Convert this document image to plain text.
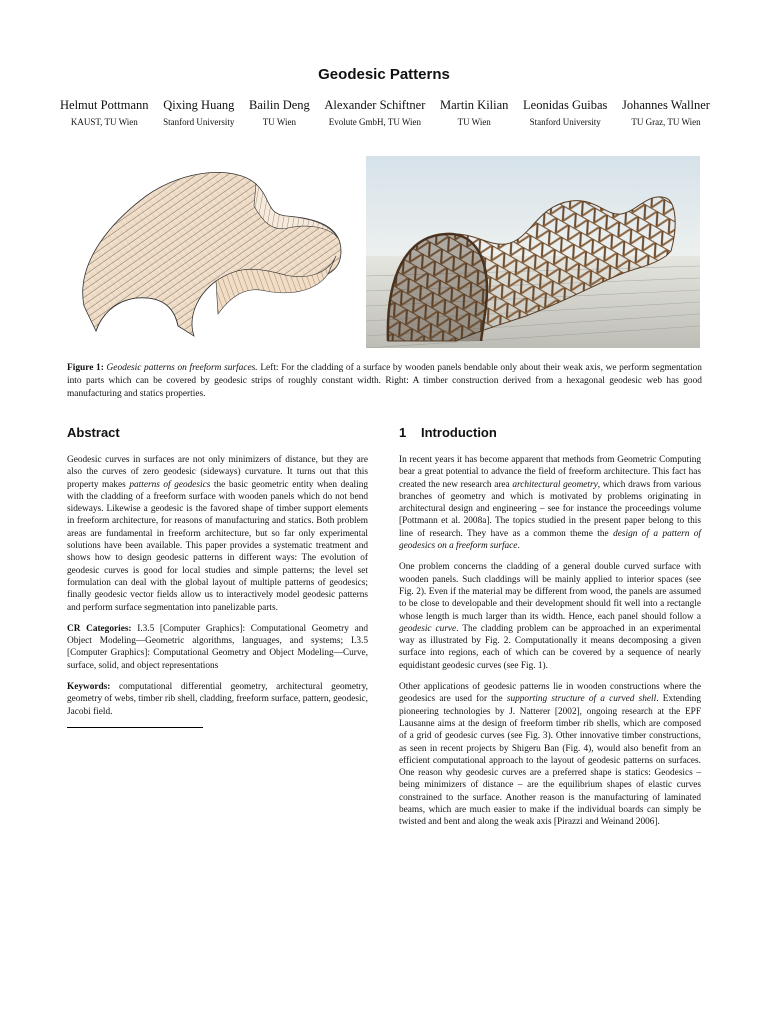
Geodesic Patterns
Helmut Pottmann
KAUST, TU Wien
Qixing Huang
Stanford University
Bailin Deng
TU Wien
Alexander Schiftner
Evolute GmbH, TU Wien
Martin Kilian
TU Wien
Leonidas Guibas
Stanford University
Johannes Wallner
TU Graz, TU Wien
Figure 1: Geodesic patterns on freeform surfaces. Left: For the cladding of a surface by wooden panels bendable only about their weak axis, we perform segmentation into parts which can be covered by geodesic strips of roughly constant width. Right: A timber construction derived from a hexagonal geodesic web has good manufacturing and statics properties.
Abstract

Geodesic curves in surfaces are not only minimizers of distance, but they are also the curves of zero geodesic (sideways) curvature. It turns out that this property makes patterns of geodesics the basic geometric entity when dealing with the cladding of a freeform surface with wooden panels which do not bend sideways. Likewise a geodesic is the favored shape of timber support elements in freeform architecture, for reasons of manufacturing and statics. Both problem areas are fundamental in freeform architecture, but so far only experimental solutions have been available. This paper provides a systematic treatment and shows how to design geodesic patterns in different ways: The evolution of geodesic curves is good for local studies and simple patterns; the level set formulation can deal with the global layout of multiple patterns of geodesics; finally geodesic vector fields allow us to interactively model geodesic patterns and perform surface segmentation into panelizable parts.

CR Categories: I.3.5 [Computer Graphics]: Computational Geometry and Object Modeling—Geometric algorithms, languages, and systems; I.3.5 [Computer Graphics]: Computational Geometry and Object Modeling—Curve, surface, solid, and object representations

Keywords: computational differential geometry, architectural geometry, geometry of webs, timber rib shell, cladding, freeform surface, pattern, geodesic, Jacobi field.

1 Introduction

In recent years it has become apparent that methods from Geometric Computing bear a great potential to advance the field of freeform architecture. This fact has created the new research area architectural geometry, which draws from various branches of geometry and which is motivated by problems originating in architectural design and engineering – see for instance the proceedings volume [Pottmann et al. 2008a]. The topics studied in the present paper belong to this line of research. They have as a common theme the design of a pattern of geodesics on a freeform surface.

One problem concerns the cladding of a general double curved surface with wooden panels. Such claddings will be mainly applied to interior spaces (see Fig. 2). Even if the material may be different from wood, the panels are assumed to be close to developable and their development should fit well into a rectangle whose length is much larger than its width. Hence, each panel should follow a geodesic curve. The cladding problem can be approached in an experimental way as illustrated by Fig. 2. Computationally it means decomposing a given surface into regions, each of which can be covered by a sequence of nearly equidistant geodesic curves (see Fig. 1).

Other applications of geodesic patterns lie in wooden constructions where the geodesics are used for the supporting structure of a curved shell. Extending pioneering technologies by J. Natterer [2002], ongoing research at the EPF Lausanne aims at the design of freeform timber rib shells, which are composed of a grid of geodesic curves (see Fig. 3). Other innovative timber constructions, as seen in recent projects by Shigeru Ban (Fig. 4), would also benefit from an efficient computational approach to the layout of geodesic patterns on surfaces. One reason why geodesic curves are a preferred shape is statics: Geodesics – being minimizers of distance – are the equilibrium shapes of elastic curves constrained to the surface. Another reason is the manufacturing of laminated beams, which are much easier to make if the individual boards can simply be twisted and bent and along the weak axis [Pirazzi and Weinand 2006].
